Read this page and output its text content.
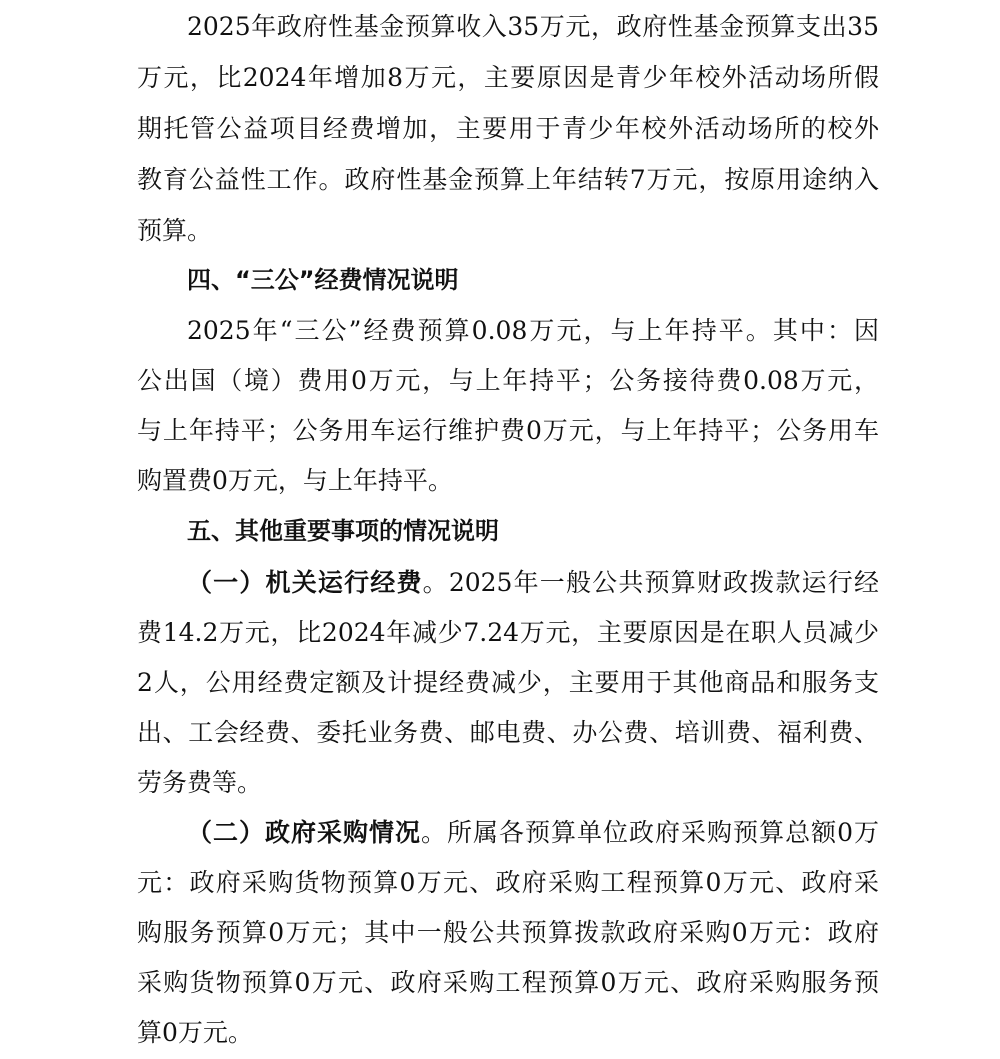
2025年政府性基金预算收入35万元，政府性基金预算支出35
万元，比2024年增加8万元，主要原因是青少年校外活动场所假
期托管公益项目经费增加，主要用于青少年校外活动场所的校外
教育公益性工作。政府性基金预算上年结转7万元，按原用途纳入
预算。
四、“三公”经费情况说明
2025年“三公”经费预算0.08万元，与上年持平。其中：因
公出国（境）费用0万元，与上年持平；公务接待费0.08万元，
与上年持平；公务用车运行维护费0万元，与上年持平；公务用车
购置费0万元，与上年持平。
五、其他重要事项的情况说明
（一）机关运行经费。2025年一般公共预算财政拨款运行经
费14.2万元，比2024年减少7.24万元，主要原因是在职人员减少
2人，公用经费定额及计提经费减少，主要用于其他商品和服务支
出、工会经费、委托业务费、邮电费、办公费、培训费、福利费、
劳务费等。
（二）政府采购情况。所属各预算单位政府采购预算总额0万
元：政府采购货物预算0万元、政府采购工程预算0万元、政府采
购服务预算0万元；其中一般公共预算拨款政府采购0万元：政府
采购货物预算0万元、政府采购工程预算0万元、政府采购服务预
算0万元。
